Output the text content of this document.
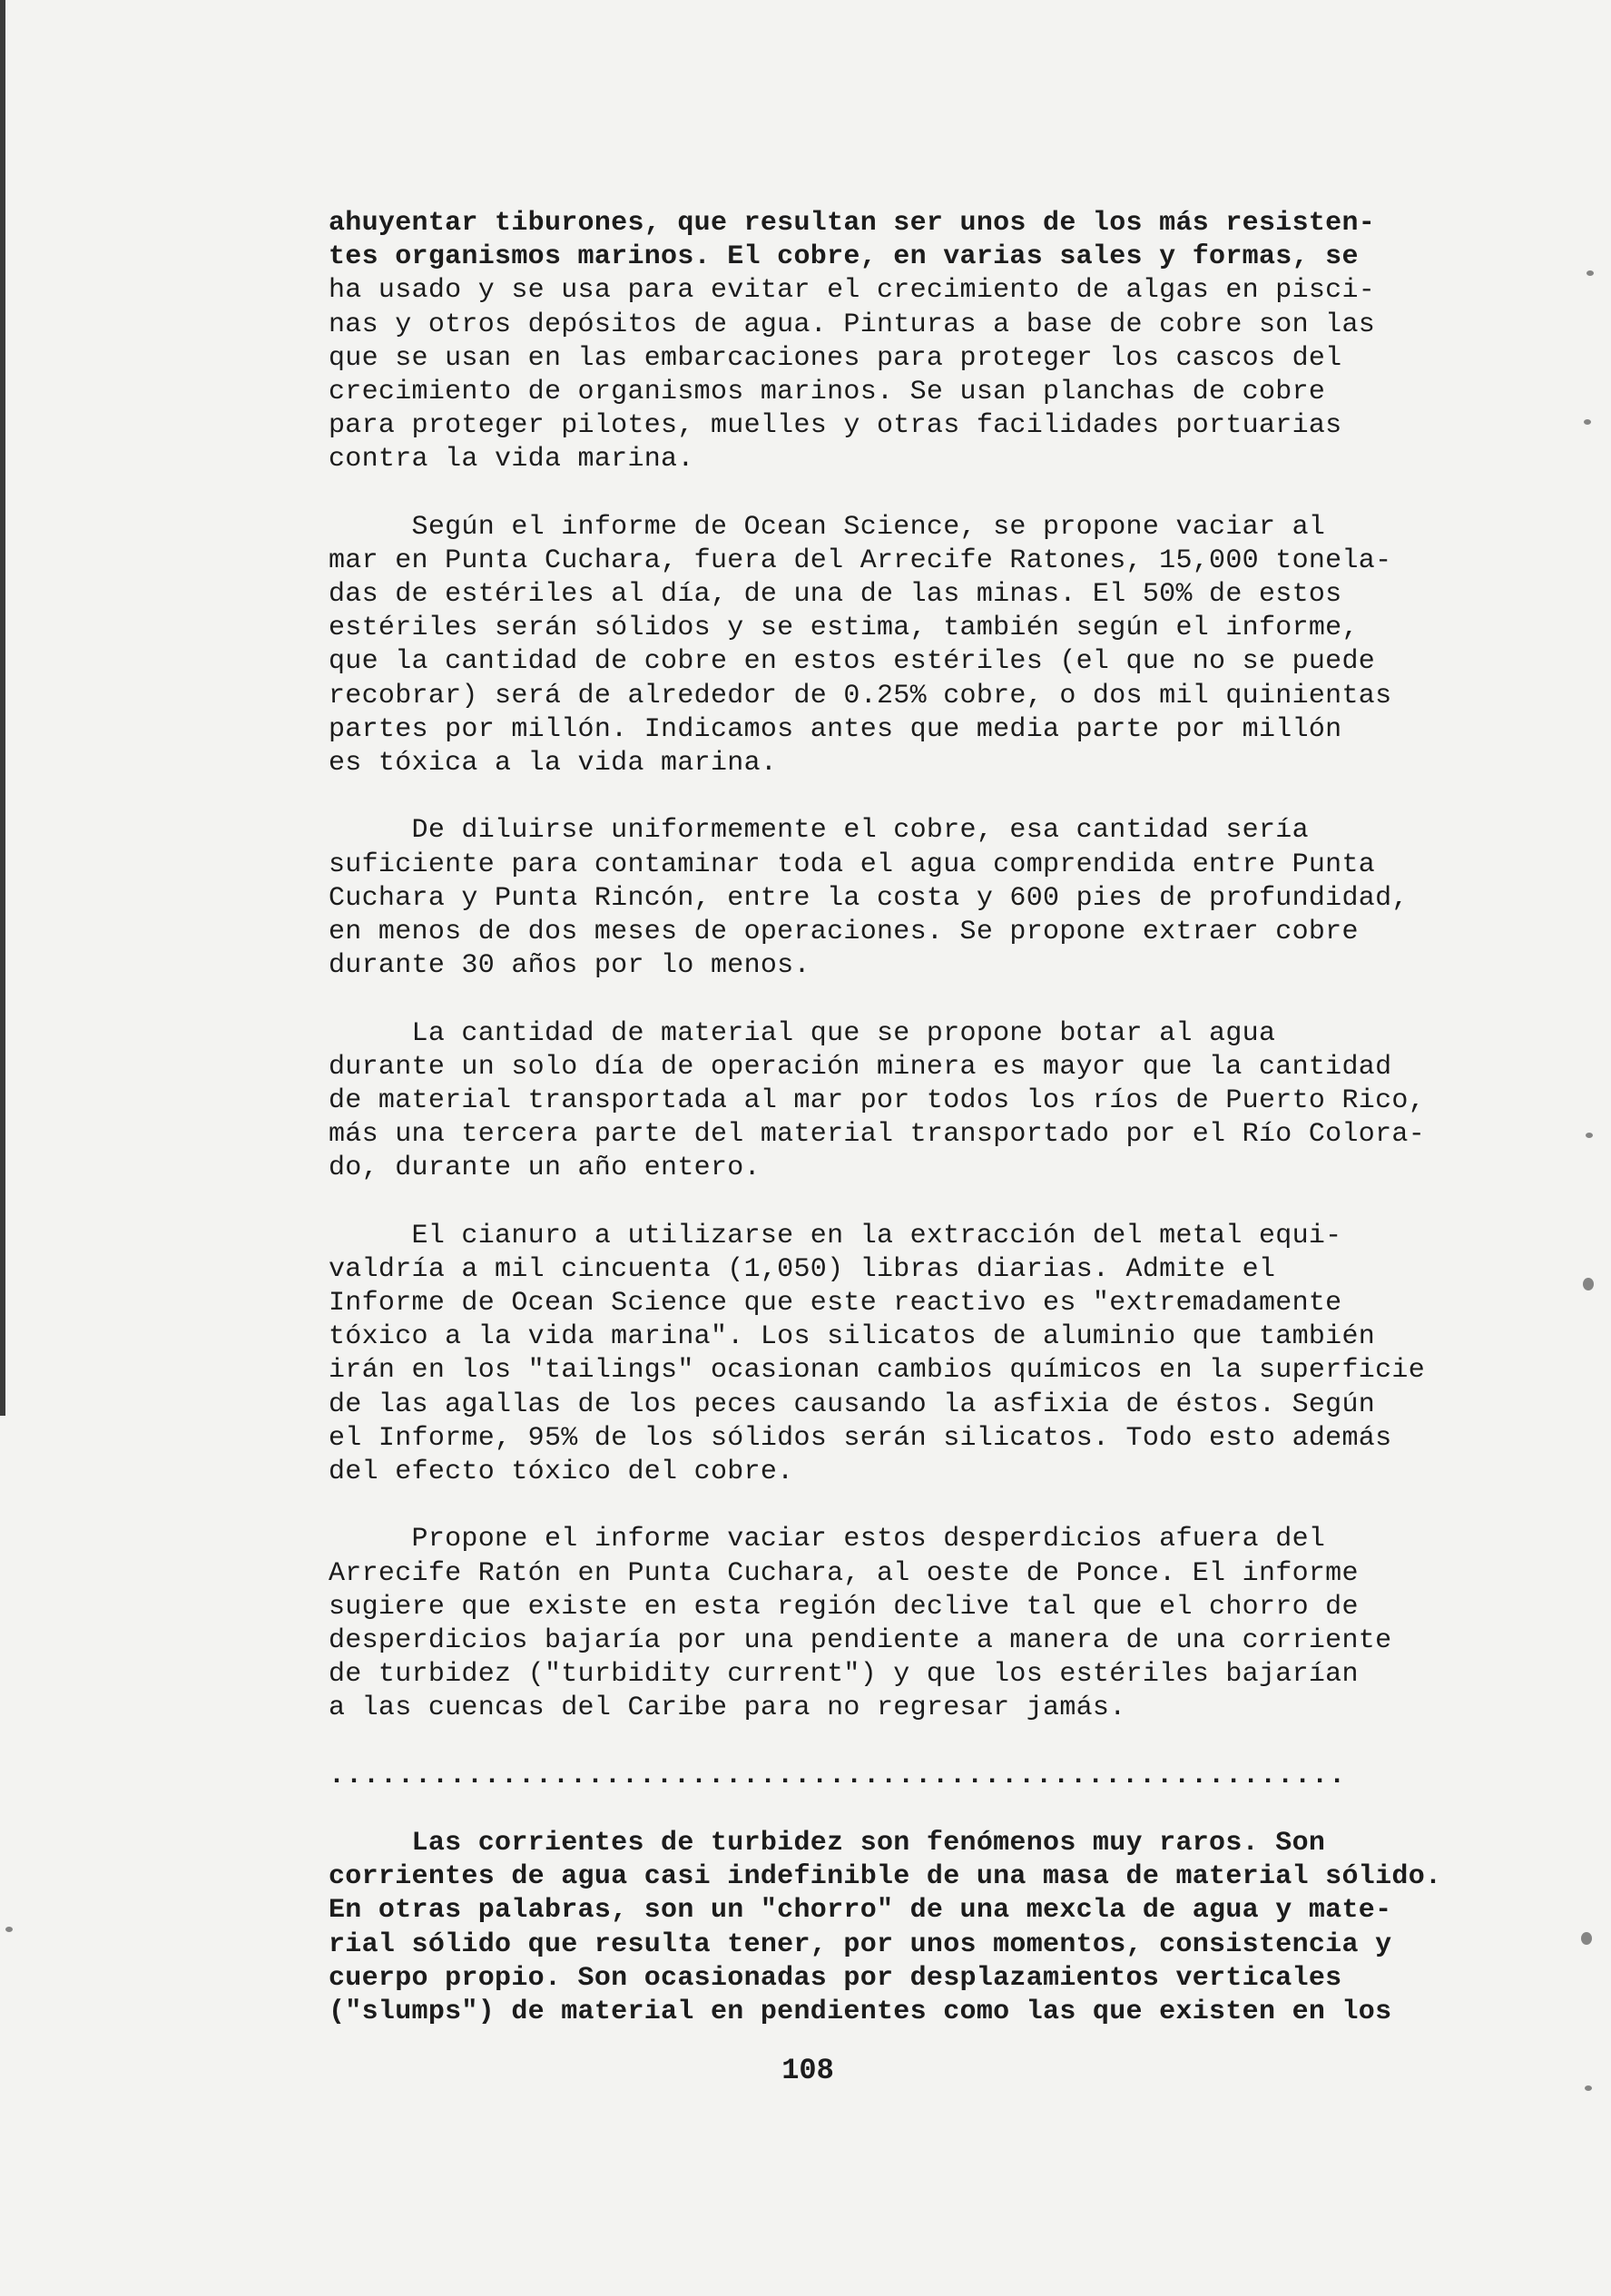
ahuyentar tiburones, que resultan ser unos de los más resisten-
tes organismos marinos. El cobre, en varias sales y formas, se
ha usado y se usa para evitar el crecimiento de algas en pisci-
nas y otros depósitos de agua. Pinturas a base de cobre son las
que se usan en las embarcaciones para proteger los cascos del
crecimiento de organismos marinos. Se usan planchas de cobre
para proteger pilotes, muelles y otras facilidades portuarias
contra la vida marina.
Según el informe de Ocean Science, se propone vaciar al
mar en Punta Cuchara, fuera del Arrecife Ratones, 15,000 tonela-
das de estériles al día, de una de las minas. El 50% de estos
estériles serán sólidos y se estima, también según el informe,
que la cantidad de cobre en estos estériles (el que no se puede
recobrar) será de alrededor de 0.25% cobre, o dos mil quinientas
partes por millón. Indicamos antes que media parte por millón
es tóxica a la vida marina.
De diluirse uniformemente el cobre, esa cantidad sería
suficiente para contaminar toda el agua comprendida entre Punta
Cuchara y Punta Rincón, entre la costa y 600 pies de profundidad,
en menos de dos meses de operaciones. Se propone extraer cobre
durante 30 años por lo menos.
La cantidad de material que se propone botar al agua
durante un solo día de operación minera es mayor que la cantidad
de material transportada al mar por todos los ríos de Puerto Rico,
más una tercera parte del material transportado por el Río Colora-
do, durante un año entero.
El cianuro a utilizarse en la extracción del metal equi-
valdría a mil cincuenta (1,050) libras diarias. Admite el
Informe de Ocean Science que este reactivo es "extremadamente
tóxico a la vida marina". Los silicatos de aluminio que también
irán en los "tailings" ocasionan cambios químicos en la superficie
de las agallas de los peces causando la asfixia de éstos. Según
el Informe, 95% de los sólidos serán silicatos. Todo esto además
del efecto tóxico del cobre.
Propone el informe vaciar estos desperdicios afuera del
Arrecife Ratón en Punta Cuchara, al oeste de Ponce. El informe
sugiere que existe en esta región declive tal que el chorro de
desperdicios bajaría por una pendiente a manera de una corriente
de turbidez ("turbidity current") y que los estériles bajarían
a las cuencas del Caribe para no regresar jamás.
...........................................................
Las corrientes de turbidez son fenómenos muy raros. Son
corrientes de agua casi indefinible de una masa de material sólido.
En otras palabras, son un "chorro" de una mexcla de agua y mate-
rial sólido que resulta tener, por unos momentos, consistencia y
cuerpo propio. Son ocasionadas por desplazamientos verticales
("slumps") de material en pendientes como las que existen en los
108
